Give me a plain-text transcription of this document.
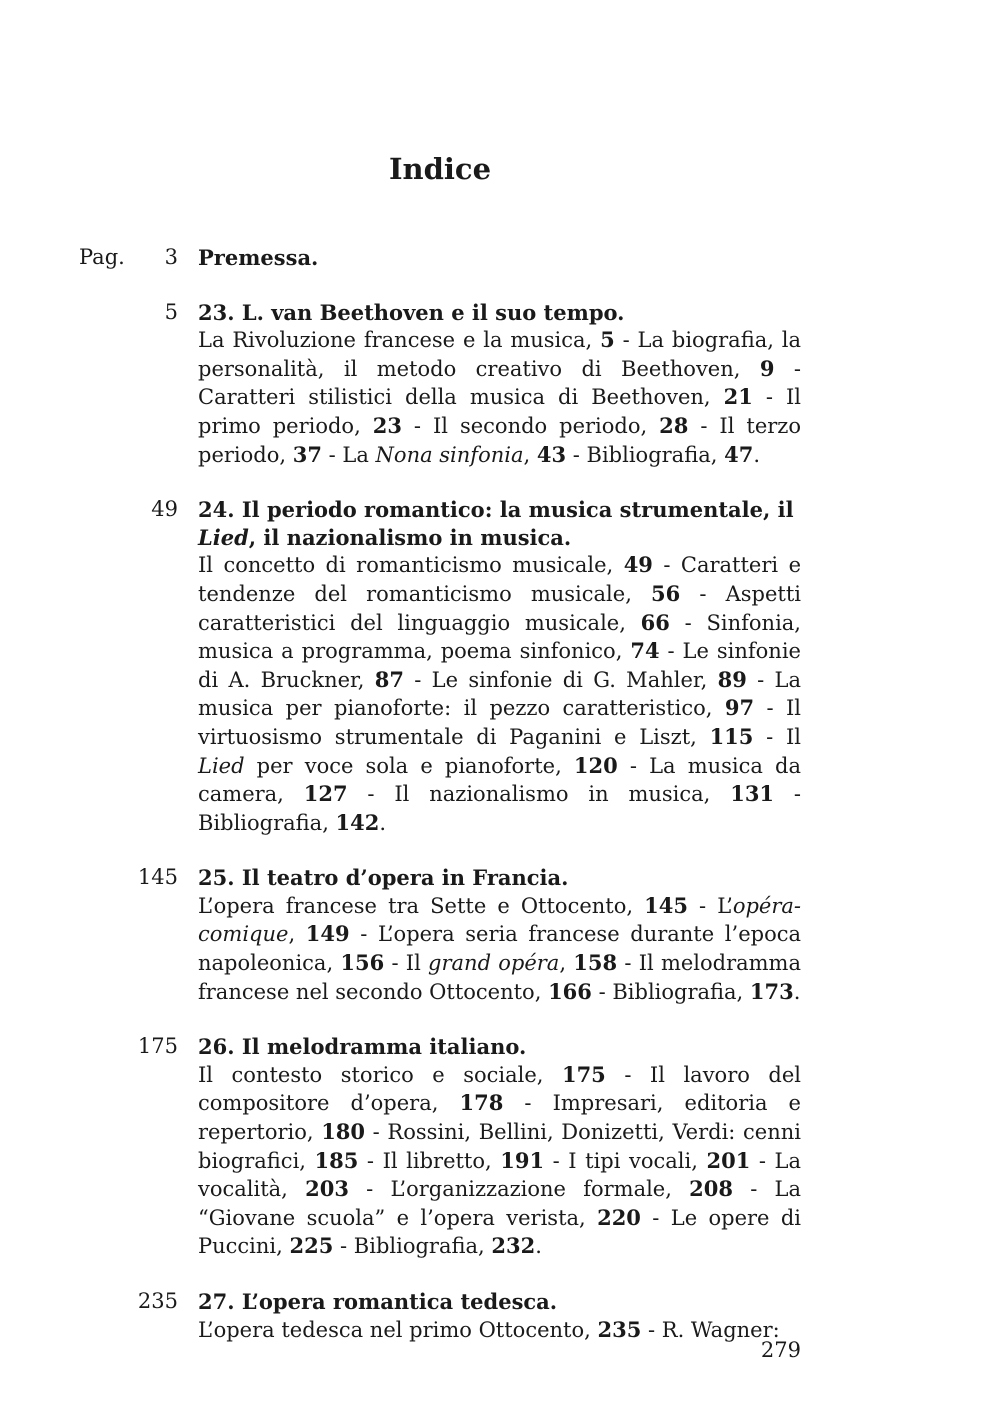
Indice
Pag.	3 Premessa.
5 23. L. van Beethoven e il suo tempo.
La Rivoluzione francese e la musica, 5 - La biografia, la personalità, il metodo creativo di Beethoven, 9 - Caratteri stilistici della musica di Beethoven, 21 - Il primo periodo, 23 - Il secondo periodo, 28 - Il terzo periodo, 37 - La Nona sinfonia, 43 - Bibliografia, 47.
49 24. Il periodo romantico: la musica strumentale, il Lied, il nazionalismo in musica.
Il concetto di romanticismo musicale, 49 - Caratteri e tendenze del romanticismo musicale, 56 - Aspetti caratteristici del linguaggio musicale, 66 - Sinfonia, musica a programma, poema sinfonico, 74 - Le sinfonie di A. Bruckner, 87 - Le sinfonie di G. Mahler, 89 - La musica per pianoforte: il pezzo caratteristico, 97 - Il virtuosismo strumentale di Paganini e Liszt, 115 - Il Lied per voce sola e pianoforte, 120 - La musica da camera, 127 - Il nazionalismo in musica, 131 - Bibliografia, 142.
145 25. Il teatro d’opera in Francia.
L’opera francese tra Sette e Ottocento, 145 - L’opéra-comique, 149 - L’opera seria francese durante l’epoca napoleonica, 156 - Il grand opéra, 158 - Il melodramma francese nel secondo Ottocento, 166 - Bibliografia, 173.
175 26. Il melodramma italiano.
Il contesto storico e sociale, 175 - Il lavoro del compositore d’opera, 178 - Impresari, editoria e repertorio, 180 - Rossini, Bellini, Donizetti, Verdi: cenni biografici, 185 - Il libretto, 191 - I tipi vocali, 201 - La vocalità, 203 - L’organizzazione formale, 208 - La “Giovane scuola” e l’opera verista, 220 - Le opere di Puccini, 225 - Bibliografia, 232.
235 27. L’opera romantica tedesca.
L’opera tedesca nel primo Ottocento, 235 - R. Wagner:
279
